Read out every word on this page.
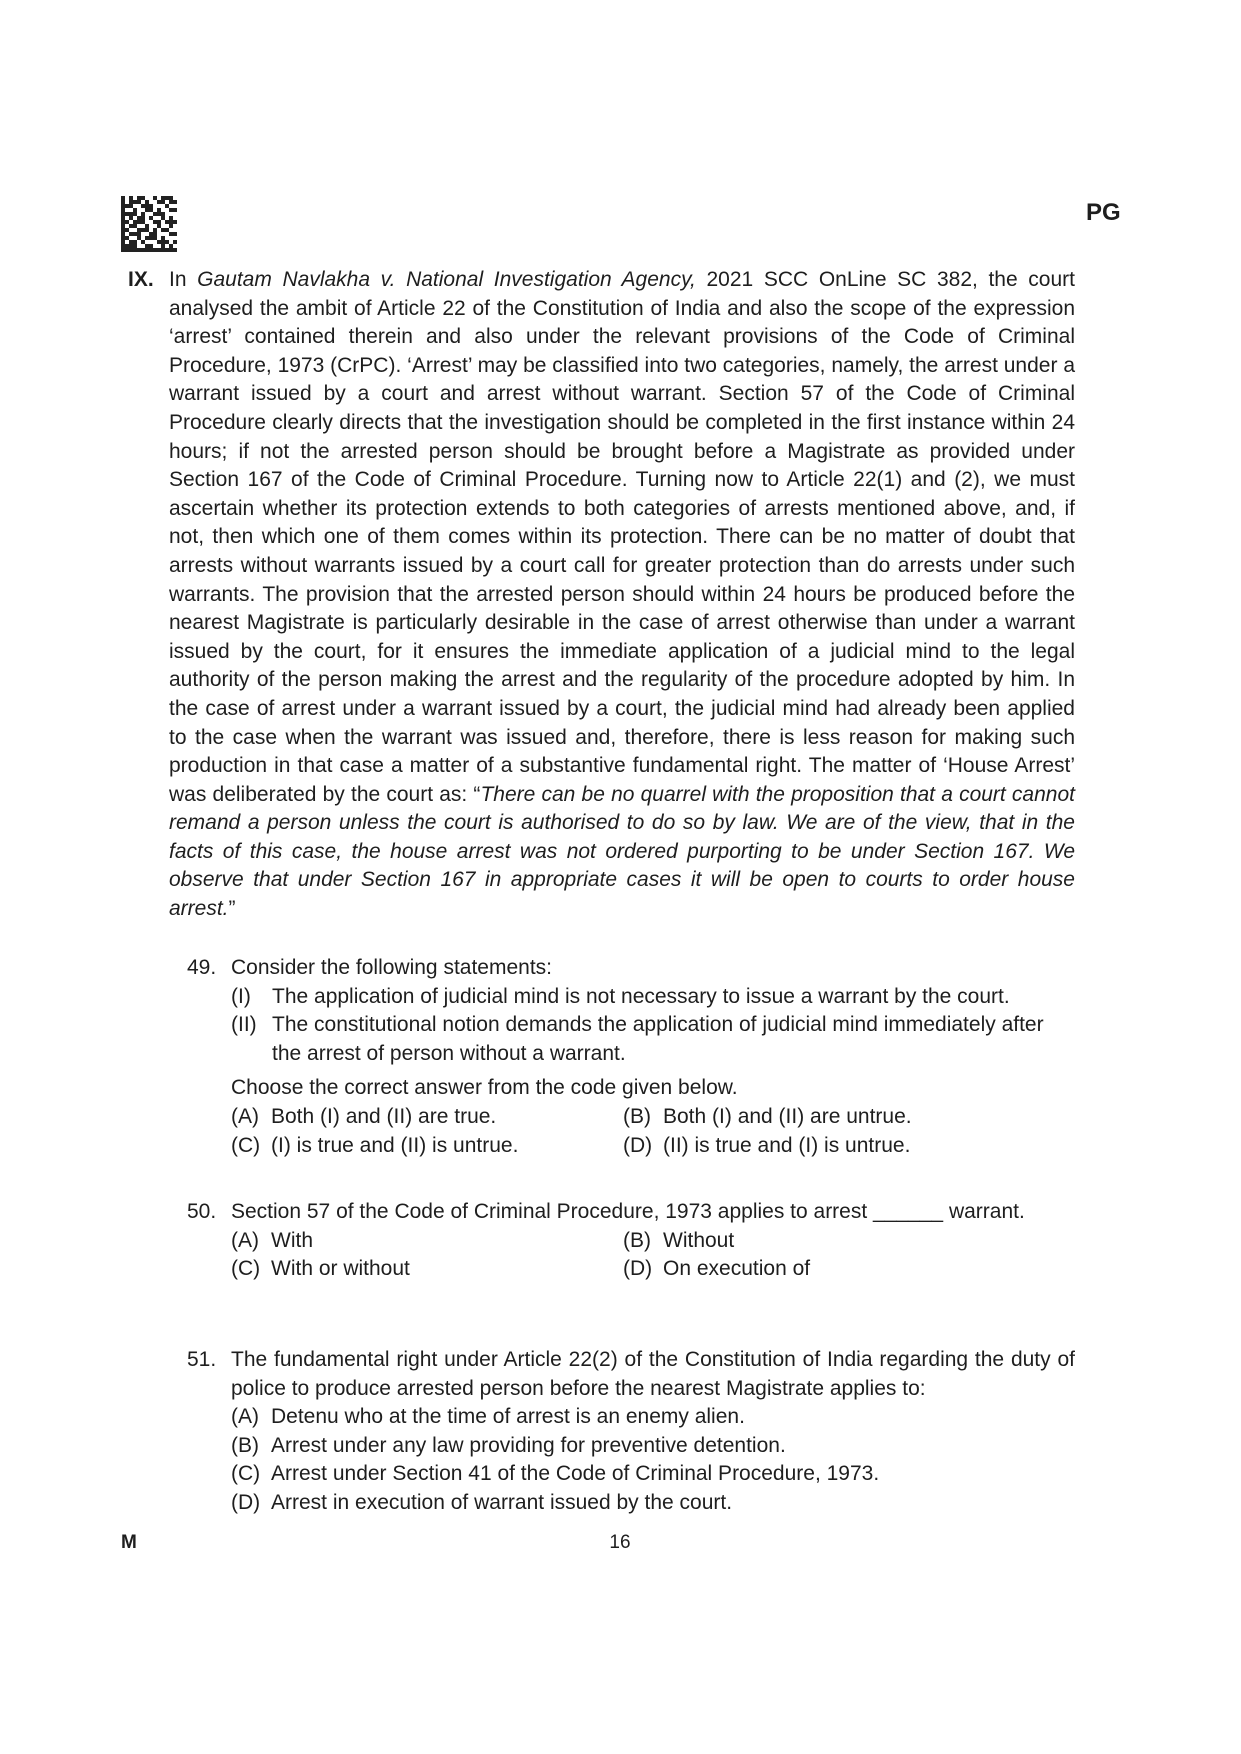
PG
IX. In Gautam Navlakha v. National Investigation Agency, 2021 SCC OnLine SC 382, the court analysed the ambit of Article 22 of the Constitution of India and also the scope of the expression ‘arrest’ contained therein and also under the relevant provisions of the Code of Criminal Procedure, 1973 (CrPC). ‘Arrest’ may be classified into two categories, namely, the arrest under a warrant issued by a court and arrest without warrant. Section 57 of the Code of Criminal Procedure clearly directs that the investigation should be completed in the first instance within 24 hours; if not the arrested person should be brought before a Magistrate as provided under Section 167 of the Code of Criminal Procedure. Turning now to Article 22(1) and (2), we must ascertain whether its protection extends to both categories of arrests mentioned above, and, if not, then which one of them comes within its protection. There can be no matter of doubt that arrests without warrants issued by a court call for greater protection than do arrests under such warrants. The provision that the arrested person should within 24 hours be produced before the nearest Magistrate is particularly desirable in the case of arrest otherwise than under a warrant issued by the court, for it ensures the immediate application of a judicial mind to the legal authority of the person making the arrest and the regularity of the procedure adopted by him. In the case of arrest under a warrant issued by a court, the judicial mind had already been applied to the case when the warrant was issued and, therefore, there is less reason for making such production in that case a matter of a substantive fundamental right. The matter of ‘House Arrest’ was deliberated by the court as: “There can be no quarrel with the proposition that a court cannot remand a person unless the court is authorised to do so by law. We are of the view, that in the facts of this case, the house arrest was not ordered purporting to be under Section 167. We observe that under Section 167 in appropriate cases it will be open to courts to order house arrest.”

49. Consider the following statements:
(I)	The application of judicial mind is not necessary to issue a warrant by the court.
(II) The constitutional notion demands the application of judicial mind immediately after the arrest of person without a warrant.
Choose the correct answer from the code given below.
(A) Both (I) and (II) are true.	(B) Both (I) and (II) are untrue.
(C) (I) is true and (II) is untrue.	(D) (II) is true and (I) is untrue.
50. Section 57 of the Code of Criminal Procedure, 1973 applies to arrest ______ warrant.
(A) With	(B) Without
(C) With or without	(D) On execution of
51. The fundamental right under Article 22(2) of the Constitution of India regarding the duty of police to produce arrested person before the nearest Magistrate applies to:
(A) Detenu who at the time of arrest is an enemy alien.
(B) Arrest under any law providing for preventive detention.
(C) Arrest under Section 41 of the Code of Criminal Procedure, 1973.
(D) Arrest in execution of warrant issued by the court.
M	16
